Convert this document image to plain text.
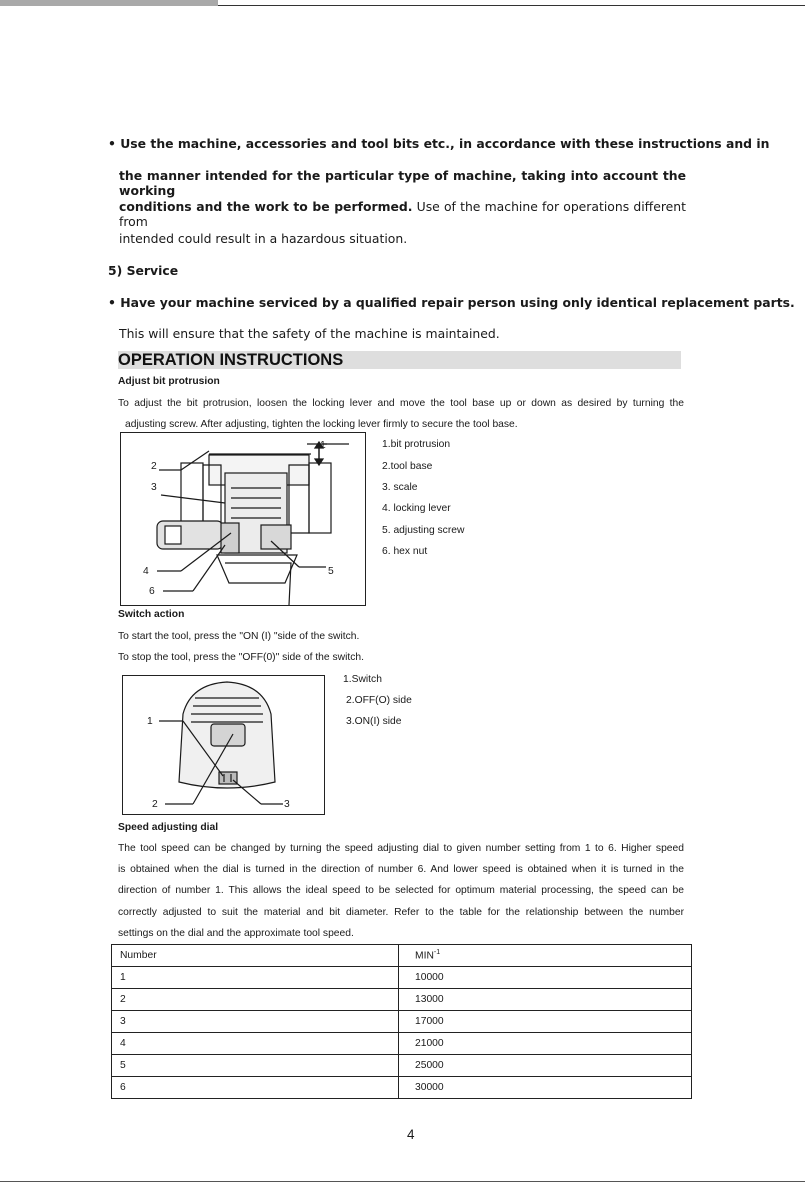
• Use the machine, accessories and tool bits etc., in accordance with these instructions and in
the manner intended for the particular type of machine, taking into account the working
conditions and the work to be performed. Use of the machine for operations different from
intended could result in a hazardous situation.
5) Service
• Have your machine serviced by a qualified repair person using only identical replacement parts.
This will ensure that the safety of the machine is maintained.
OPERATION INSTRUCTIONS
Adjust bit protrusion
To adjust the bit protrusion, loosen the locking lever and move the tool base up or down as desired by turning the
adjusting screw. After adjusting, tighten the locking lever firmly to secure the tool base.
1
2
3
4	5
6
1.bit protrusion
2.tool base
3. scale
4. locking lever
5. adjusting screw
6. hex nut
Switch action
To start the tool, press the "ON (I) "side of the switch.
To stop the tool, press the "OFF(0)" side of the switch.
1
2	3
1.Switch
2.OFF(O) side
3.ON(I) side
Speed adjusting dial
The tool speed can be changed by turning the speed adjusting dial to given number setting from 1 to 6. Higher speed
is obtained when the dial is turned in the direction of number 6. And lower speed is obtained when it is turned in the
direction of number 1. This allows the ideal speed to be selected for optimum material processing, the speed can be
correctly adjusted to suit the material and bit diameter. Refer to the table for the relationship between the number
settings on the dial and the approximate tool speed.
Number	$MIN^{-1}$
1	10000
2	13000
3	17000
4	21000
5	25000
6	30000
4
